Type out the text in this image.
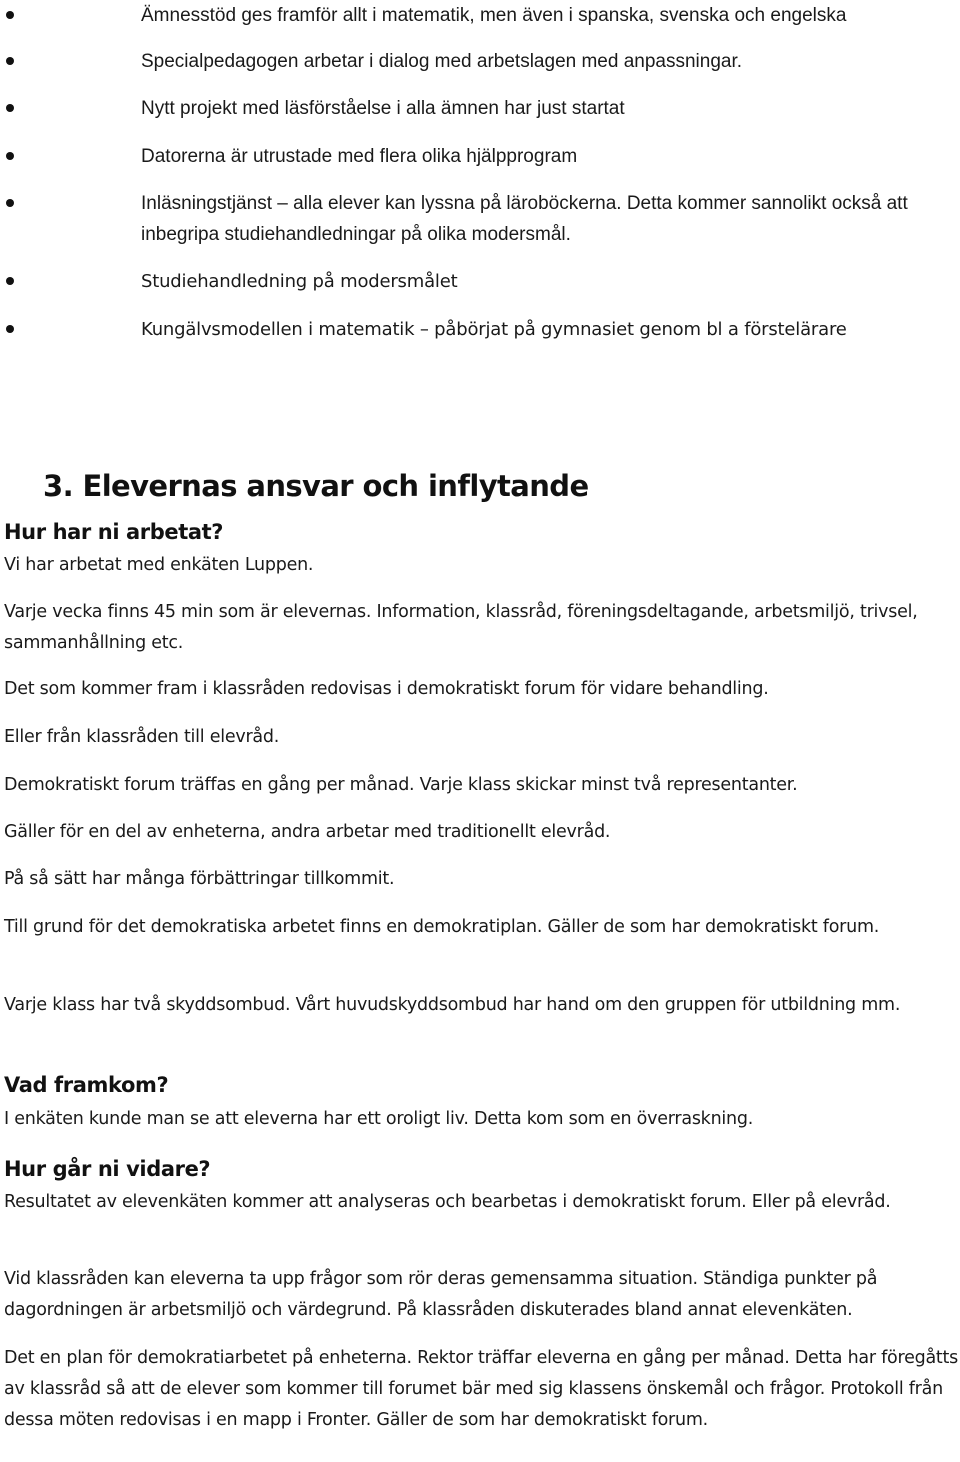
Ämnesstöd ges framför allt i matematik, men även i spanska, svenska och engelska
Specialpedagogen arbetar i dialog med arbetslagen med anpassningar.
Nytt projekt med läsförståelse i alla ämnen har just startat
Datorerna är utrustade med flera olika hjälpprogram
Inläsningstjänst – alla elever kan lyssna på läroböckerna. Detta kommer sannolikt också att inbegripa studiehandledningar på olika modersmål.
Studiehandledning på modersmålet
Kungälvsmodellen i matematik – påbörjat på gymnasiet genom bl a förstelärare
3. Elevernas ansvar och inflytande
Hur har ni arbetat?

Vi har arbetat med enkäten Luppen.

Varje vecka finns 45 min som är elevernas. Information, klassråd, föreningsdeltagande, arbetsmiljö, trivsel, sammanhållning etc.

Det som kommer fram i klassråden redovisas i demokratiskt forum för vidare behandling.

Eller från klassråden till elevråd.

Demokratiskt forum träffas en gång per månad. Varje klass skickar minst två representanter.

Gäller för en del av enheterna, andra arbetar med traditionellt elevråd.

På så sätt har många förbättringar tillkommit.

Till grund för det demokratiska arbetet finns en demokratiplan. Gäller de som har demokratiskt forum.

Varje klass har två skyddsombud. Vårt huvudskyddsombud har hand om den gruppen för utbildning mm.

Vad framkom?

I enkäten kunde man se att eleverna har ett oroligt liv. Detta kom som en överraskning.

Hur går ni vidare?

Resultatet av elevenkäten kommer att analyseras och bearbetas i demokratiskt forum. Eller på elevråd.

Vid klassråden kan eleverna ta upp frågor som rör deras gemensamma situation. Ständiga punkter på dagordningen är arbetsmiljö och värdegrund. På klassråden diskuterades bland annat elevenkäten.

Det en plan för demokratiarbetet på enheterna. Rektor träffar eleverna en gång per månad. Detta har föregåtts av klassråd så att de elever som kommer till forumet bär med sig klassens önskemål och frågor. Protokoll från dessa möten redovisas i en mapp i Fronter. Gäller de som har demokratiskt forum.
